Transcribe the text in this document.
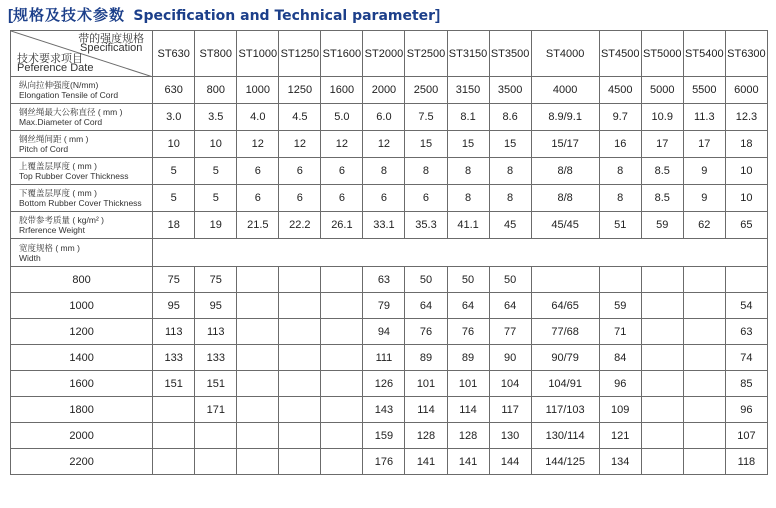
[规格及技术参数 Specification and Technical parameter]
带的强度规格
Specification
技术要求项目
Peference Date	ST630	ST800	ST1000	ST1250	ST1600	ST2000	ST2500	ST3150	ST3500	ST4000	ST4500	ST5000	ST5400	ST6300

纵向拉伸强度(N/mm)
Elongation Tensile of Cord	630	800	1000	1250	1600	2000	2500	3150	3500	4000	4500	5000	5500	6000

钢丝绳最大公称直径 ( mm )
Max.Diameter of Cord	3.0	3.5	4.0	4.5	5.0	6.0	7.5	8.1	8.6	8.9/9.1	9.7	10.9	11.3	12.3

钢丝绳间距 ( mm )
Pitch of Cord	10	10	12	12	12	12	15	15	15	15/17	16	17	17	18

上覆盖层厚度 ( mm )
Top Rubber Cover Thickness	5	5	6	6	6	8	8	8	8	8/8	8	8.5	9	10

下覆盖层厚度 ( mm )
Bottom Rubber Cover Thickness	5	5	6	6	6	6	6	8	8	8/8	8	8.5	9	10

胶带参考质量 ( kg/m² )
Rrference Weight	18	19	21.5	22.2	26.1	33.1	35.3	41.1	45	45/45	51	59	62	65

宽度规格 ( mm )
Width														

800	75	75				63	50	50	50					
1000	95	95				79	64	64	64	64/65	59			54
1200	113	113				94	76	76	77	77/68	71			63
1400	133	133				111	89	89	90	90/79	84			74
1600	151	151				126	101	101	104	104/91	96			85
1800		171				143	114	114	117	117/103	109			96
2000						159	128	128	130	130/114	121			107
2200						176	141	141	144	144/125	134			118
